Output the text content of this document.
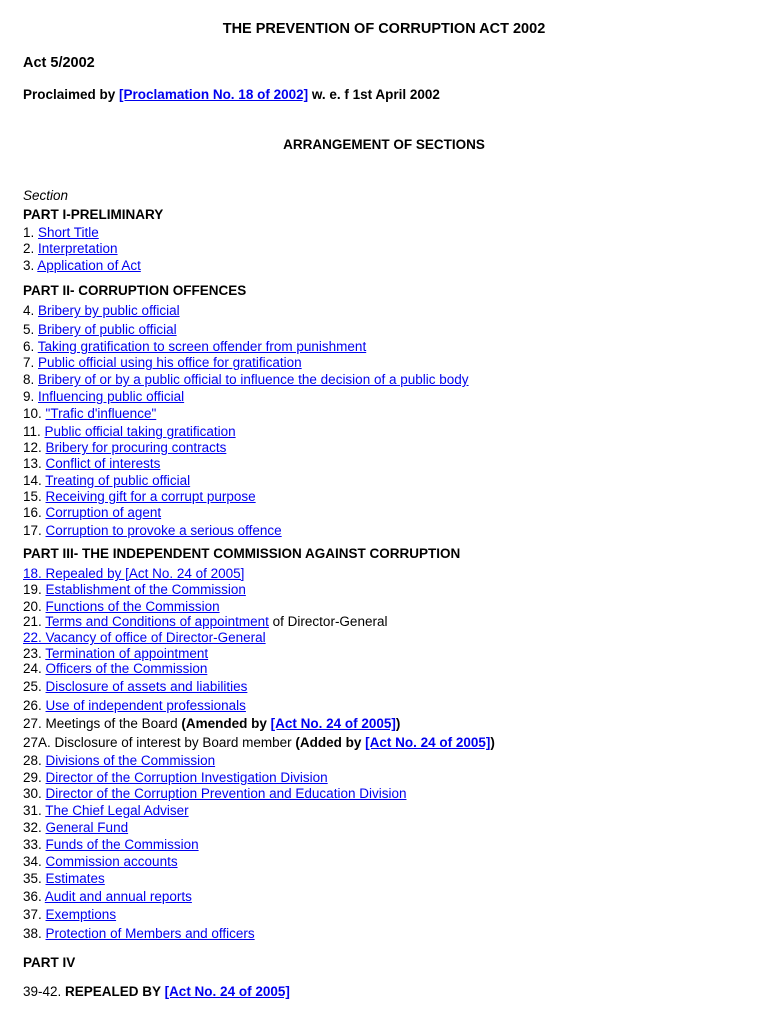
THE PREVENTION OF CORRUPTION ACT 2002
Act 5/2002
Proclaimed by [Proclamation No. 18 of 2002] w. e. f 1st April 2002
ARRANGEMENT OF SECTIONS
Section
PART I-PRELIMINARY
1. Short Title
2. Interpretation
3. Application of Act
PART II- CORRUPTION OFFENCES
4. Bribery by public official
5. Bribery of public official
6. Taking gratification to screen offender from punishment
7. Public official using his office for gratification
8. Bribery of or by a public official to influence the decision of a public body
9. Influencing public official
10. "Trafic d'influence"
11. Public official taking gratification
12. Bribery for procuring contracts
13. Conflict of interests
14. Treating of public official
15. Receiving gift for a corrupt purpose
16. Corruption of agent
17. Corruption to provoke a serious offence
PART III- THE INDEPENDENT COMMISSION AGAINST CORRUPTION
18. Repealed by [Act No. 24 of 2005]
19. Establishment of the Commission
20. Functions of the Commission
21. Terms and Conditions of appointment of Director-General
22. Vacancy of office of Director-General
23. Termination of appointment
24. Officers of the Commission
25. Disclosure of assets and liabilities
26. Use of independent professionals
27. Meetings of the Board (Amended by [Act No. 24 of 2005])
27A. Disclosure of interest by Board member (Added by [Act No. 24 of 2005])
28. Divisions of the Commission
29. Director of the Corruption Investigation Division
30. Director of the Corruption Prevention and Education Division
31. The Chief Legal Adviser
32. General Fund
33. Funds of the Commission
34. Commission accounts
35. Estimates
36. Audit and annual reports
37. Exemptions
38. Protection of Members and officers
PART IV
39-42. REPEALED BY [Act No. 24 of 2005]
